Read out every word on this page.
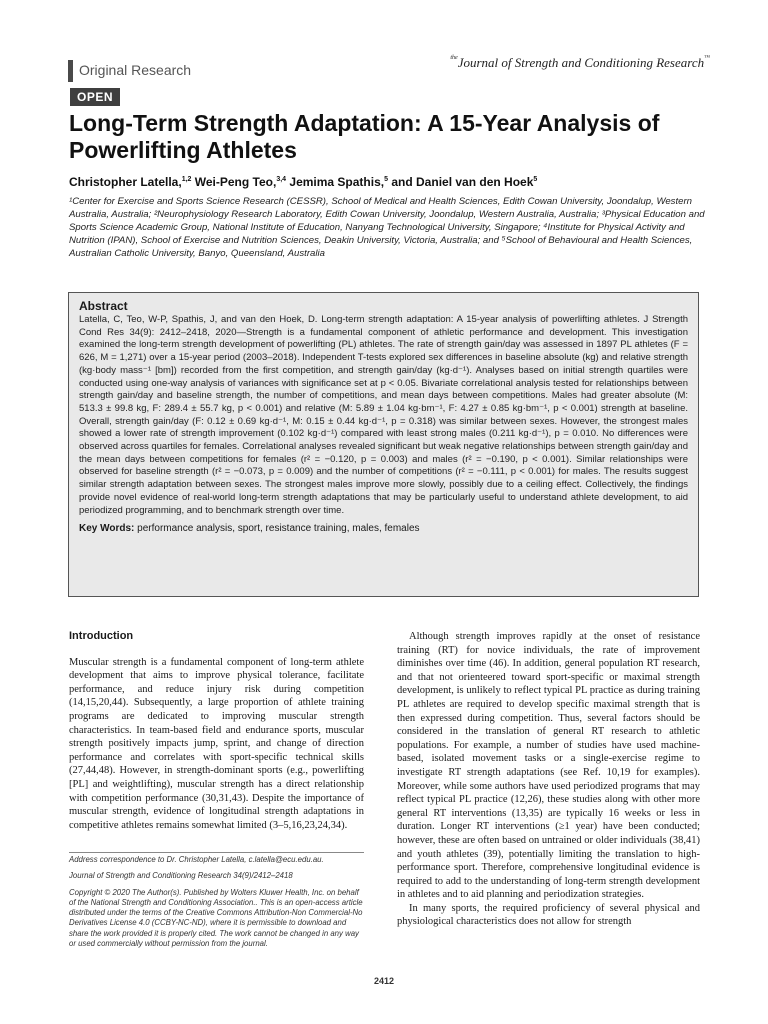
Original Research
$^{the}$Journal of Strength and Conditioning Research™
OPEN
Long-Term Strength Adaptation: A 15-Year Analysis of Powerlifting Athletes
Christopher Latella,$^{1,2}$ Wei-Peng Teo,$^{3,4}$ Jemima Spathis,$^5$ and Daniel van den Hoek$^5$
¹Center for Exercise and Sports Science Research (CESSR), School of Medical and Health Sciences, Edith Cowan University, Joondalup, Western Australia, Australia; ²Neurophysiology Research Laboratory, Edith Cowan University, Joondalup, Western Australia, Australia; ³Physical Education and Sports Science Academic Group, National Institute of Education, Nanyang Technological University, Singapore; ⁴Institute for Physical Activity and Nutrition (IPAN), School of Exercise and Nutrition Sciences, Deakin University, Victoria, Australia; and ⁵School of Behavioural and Health Sciences, Australian Catholic University, Banyo, Queensland, Australia
Abstract
Latella, C, Teo, W-P, Spathis, J, and van den Hoek, D. Long-term strength adaptation: A 15-year analysis of powerlifting athletes. J Strength Cond Res 34(9): 2412–2418, 2020—Strength is a fundamental component of athletic performance and development. This investigation examined the long-term strength development of powerlifting (PL) athletes. The rate of strength gain/day was assessed in 1897 PL athletes (F = 626, M = 1,271) over a 15-year period (2003–2018). Independent T-tests explored sex differences in baseline absolute (kg) and relative strength (kg·body mass⁻¹ [bm]) recorded from the first competition, and strength gain/day (kg·d⁻¹). Analyses based on initial strength quartiles were conducted using one-way analysis of variances with significance set at p < 0.05. Bivariate correlational analysis tested for relationships between strength gain/day and baseline strength, the number of competitions, and mean days between competitions. Males had greater absolute (M: 513.3 ± 99.8 kg, F: 289.4 ± 55.7 kg, p < 0.001) and relative (M: 5.89 ± 1.04 kg·bm⁻¹, F: 4.27 ± 0.85 kg·bm⁻¹, p < 0.001) strength at baseline. Overall, strength gain/day (F: 0.12 ± 0.69 kg·d⁻¹, M: 0.15 ± 0.44 kg·d⁻¹, p = 0.318) was similar between sexes. However, the strongest males showed a lower rate of strength improvement (0.102 kg·d⁻¹) compared with least strong males (0.211 kg·d⁻¹), p = 0.010. No differences were observed across quartiles for females. Correlational analyses revealed significant but weak negative relationships between strength gain/day and the mean days between competitions for females (r² = −0.120, p = 0.003) and males (r² = −0.190, p < 0.001). Similar relationships were observed for baseline strength (r² = −0.073, p = 0.009) and the number of competitions (r² = −0.111, p < 0.001) for males. The results suggest similar strength adaptation between sexes. The strongest males improve more slowly, possibly due to a ceiling effect. Collectively, the findings provide novel evidence of real-world long-term strength adaptations that may be particularly useful to understand athlete development, to aid periodized programming, and to benchmark strength over time.
Key Words: performance analysis, sport, resistance training, males, females
Introduction

Muscular strength is a fundamental component of long-term athlete development that aims to improve physical tolerance, facilitate performance, and reduce injury risk during competition (14,15,20,44). Subsequently, a large proportion of athlete training programs are dedicated to improving muscular strength characteristics. In team-based field and endurance sports, muscular strength positively impacts jump, sprint, and change of direction performance and correlates with sport-specific technical skills (27,44,48). However, in strength-dominant sports (e.g., powerlifting [PL] and weightlifting), muscular strength has a direct relationship with competition performance (30,31,43). Despite the importance of muscular strength, evidence of longitudinal strength adaptations in competitive athletes remains somewhat limited (3–5,16,23,24,34).

Address correspondence to Dr. Christopher Latella, c.latella@ecu.edu.au.

Journal of Strength and Conditioning Research 34(9)/2412–2418

Copyright © 2020 The Author(s). Published by Wolters Kluwer Health, Inc. on behalf of the National Strength and Conditioning Association.. This is an open-access article distributed under the terms of the Creative Commons Attribution-Non Commercial-No Derivatives License 4.0 (CCBY-NC-ND), where it is permissible to download and share the work provided it is properly cited. The work cannot be changed in any way or used commercially without permission from the journal.

Although strength improves rapidly at the onset of resistance training (RT) for novice individuals, the rate of improvement diminishes over time (46). In addition, general population RT research, and that not orienteered toward sport-specific or maximal strength development, is unlikely to reflect typical PL practice as during training PL athletes are required to develop specific maximal strength that is then expressed during competition. Thus, several factors should be considered in the translation of general RT research to athletic populations. For example, a number of studies have used machine-based, isolated movement tasks or a single-exercise regime to investigate RT strength adaptations (see Ref. 10,19 for examples). Moreover, while some authors have used periodized programs that may reflect typical PL practice (12,26), these studies along with other more general RT interventions (13,35) are typically 16 weeks or less in duration. Longer RT interventions (≥1 year) have been conducted; however, these are often based on untrained or older individuals (38,41) and youth athletes (39), potentially limiting the translation to high-performance sport. Therefore, comprehensive longitudinal evidence is required to add to the understanding of long-term strength development in athletes and to aid planning and periodization strategies.

In many sports, the required proficiency of several physical and physiological characteristics does not allow for strength

2412
